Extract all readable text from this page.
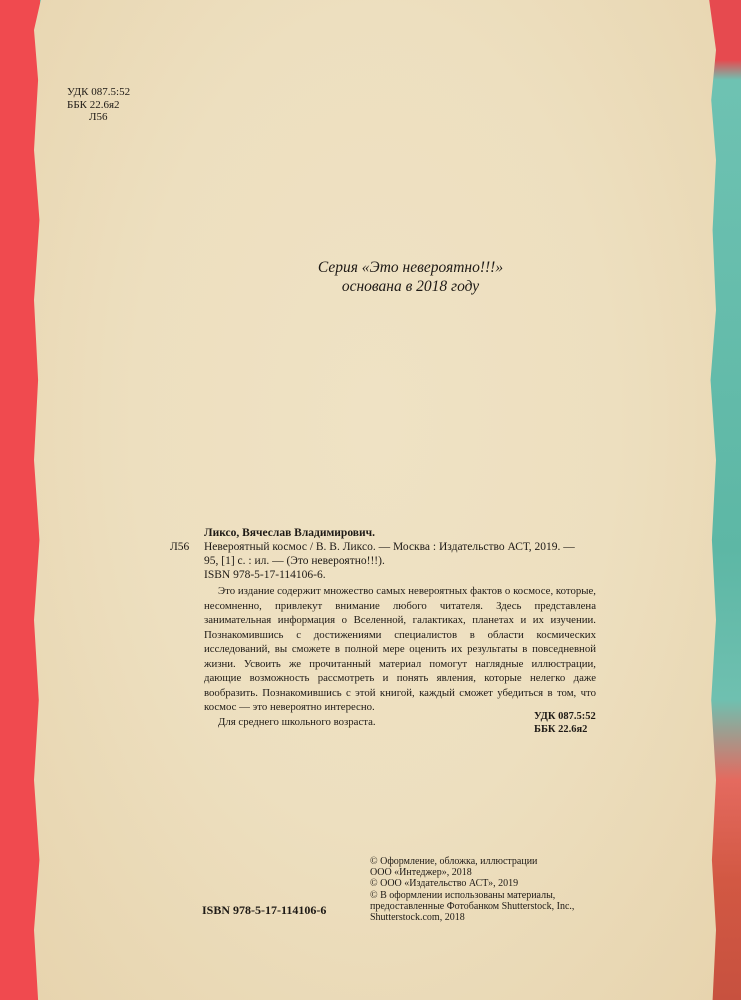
УДК 087.5:52
ББК 22.6я2
Л56
Серия «Это невероятно!!!»
основана в 2018 году
Ликсо, Вячеслав Владимирович.
Л56 Невероятный космос / В. В. Ликсо. — Москва : Издательство АСТ, 2019. —
95, [1] с. : ил. — (Это невероятно!!!).
ISBN 978-5-17-114106-6.

Это издание содержит множество самых невероятных фактов о космосе, которые, несомненно, привлекут внимание любого читателя. Здесь представлена занимательная информация о Вселенной, галактиках, планетах и их изучении. Познакомившись с достижениями специалистов в области космических исследований, вы сможете в полной мере оценить их результаты в повседневной жизни. Усвоить же прочитанный материал помогут наглядные иллюстрации, дающие возможность рассмотреть и понять явления, которые нелегко даже вообразить. Познакомившись с этой книгой, каждый сможет убедиться в том, что космос — это невероятно интересно.

Для среднего школьного возраста.	УДК 087.5:52
ББК 22.6я2
© Оформление, обложка, иллюстрации
ООО «Интеджер», 2018
© ООО «Издательство АСТ», 2019
© В оформлении использованы материалы,
предоставленные Фотобанком Shutterstock, Inc.,
Shutterstock.com, 2018
ISBN 978-5-17-114106-6
